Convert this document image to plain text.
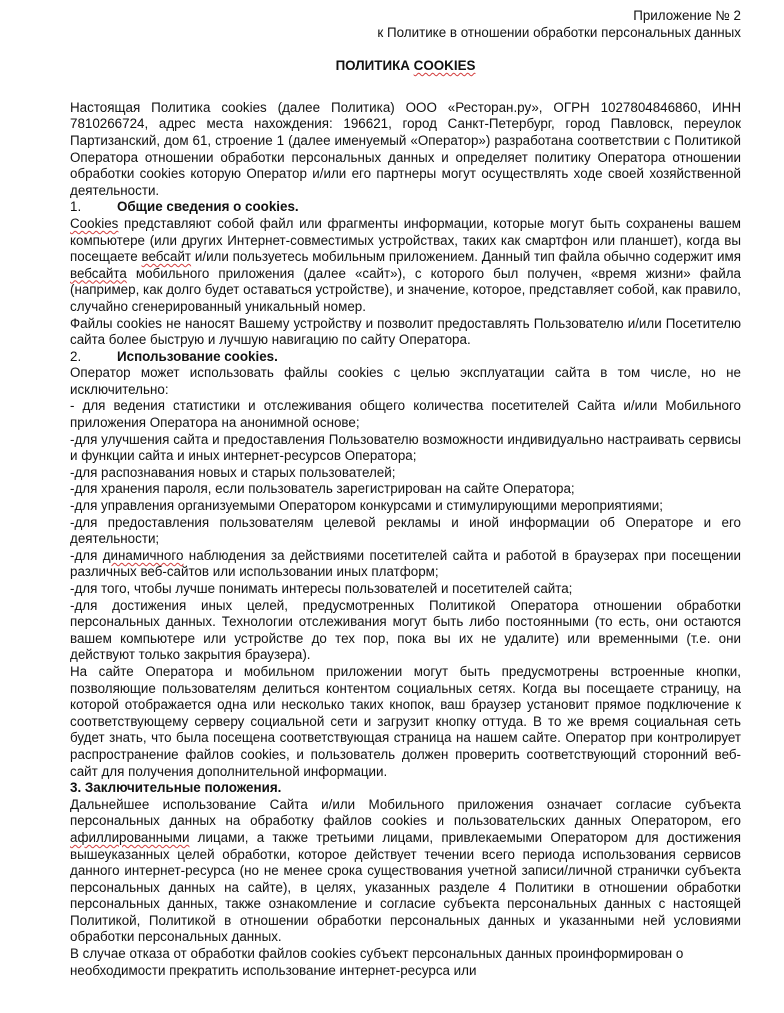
Приложение № 2

к Политике в отношении обработки персональных данных

ПОЛИТИКА COOKIES

Настоящая Политика cookies (далее Политика) ООО «Ресторан.ру», ОГРН 1027804846860, ИНН 7810266724, адрес места нахождения: 196621, город Санкт-Петербург, город Павловск, переулок Партизанский, дом 61, строение 1 (далее именуемый «Оператор») разработана соответствии с Политикой Оператора отношении обработки персональных данных и определяет политику Оператора отношении обработки cookies которую Оператор и/или его партнеры могут осуществлять ходе своей хозяйственной деятельности.

1.	Общие сведения о cookies.

Cookies представляют собой файл или фрагменты информации, которые могут быть сохранены вашем компьютере (или других Интернет-совместимых устройствах, таких как смартфон или планшет), когда вы посещаете вебсайт и/или пользуетесь мобильным приложением. Данный тип файла обычно содержит имя вебсайта мобильного приложения (далее «сайт»), с которого был получен, «время жизни» файла (например, как долго будет оставаться устройстве), и значение, которое, представляет собой, как правило, случайно сгенерированный уникальный номер.

Файлы cookies не наносят Вашему устройству и позволит предоставлять Пользователю и/или Посетителю сайта более быструю и лучшую навигацию по сайту Оператора.

2.	Использование cookies.

Оператор может использовать файлы cookies с целью эксплуатации сайта в том числе, но не исключительно:

- для ведения статистики и отслеживания общего количества посетителей Сайта и/или Мобильного приложения Оператора на анонимной основе;

-для улучшения сайта и предоставления Пользователю возможности индивидуально настраивать сервисы и функции сайта и иных интернет-ресурсов Оператора;

-для распознавания новых и старых пользователей;

-для хранения пароля, если пользователь зарегистрирован на сайте Оператора;

-для управления организуемыми Оператором конкурсами и стимулирующими мероприятиями;

-для предоставления пользователям целевой рекламы и иной информации об Операторе и его деятельности;

-для динамичного наблюдения за действиями посетителей сайта и работой в браузерах при посещении различных веб-сайтов или использовании иных платформ;

-для того, чтобы лучше понимать интересы пользователей и посетителей сайта;

-для достижения иных целей, предусмотренных Политикой Оператора отношении обработки персональных данных. Технологии отслеживания могут быть либо постоянными (то есть, они остаются вашем компьютере или устройстве до тех пор, пока вы их не удалите) или временными (т.е. они действуют только закрытия браузера).

На сайте Оператора и мобильном приложении могут быть предусмотрены встроенные кнопки, позволяющие пользователям делиться контентом социальных сетях. Когда вы посещаете страницу, на которой отображается одна или несколько таких кнопок, ваш браузер установит прямое подключение к соответствующему серверу социальной сети и загрузит кнопку оттуда. В то же время социальная сеть будет знать, что была посещена соответствующая страница на нашем сайте. Оператор при контролирует распространение файлов cookies, и пользователь должен проверить соответствующий сторонний веб-сайт для получения дополнительной информации.

3. Заключительные положения.

Дальнейшее использование Сайта и/или Мобильного приложения означает согласие субъекта персональных данных на обработку файлов cookies и пользовательских данных Оператором, его афиллированными лицами, а также третьими лицами, привлекаемыми Оператором для достижения вышеуказанных целей обработки, которое действует течении всего периода использования сервисов данного интернет-ресурса (но не менее срока существования учетной записи/личной странички субъекта персональных данных на сайте), в целях, указанных разделе 4 Политики в отношении обработки персональных данных, также ознакомление и согласие субъекта персональных данных с настоящей Политикой, Политикой в отношении обработки персональных данных и указанными ней условиями обработки персональных данных.

В случае отказа от обработки файлов cookies субъект персональных данных проинформирован о необходимости прекратить использование интернет-ресурса или
